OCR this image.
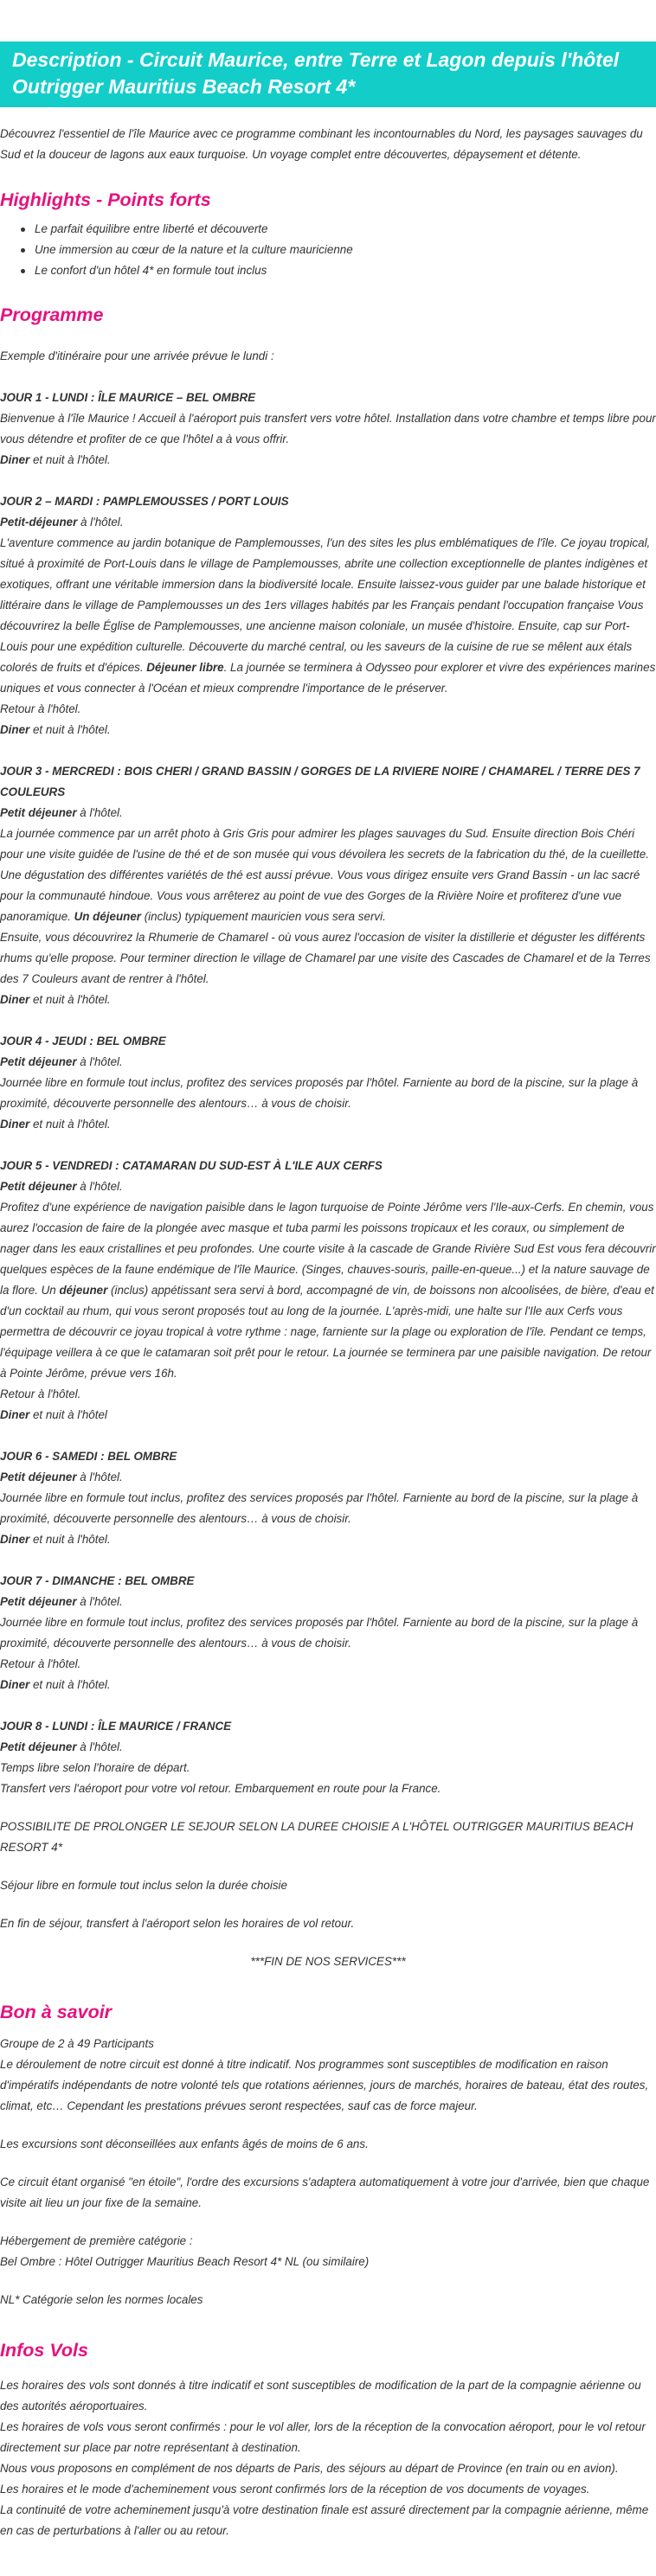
Description - Circuit Maurice, entre Terre et Lagon depuis l'hôtel Outrigger Mauritius Beach Resort 4*

Découvrez l'essentiel de l'île Maurice avec ce programme combinant les incontournables du Nord, les paysages sauvages du Sud et la douceur de lagons aux eaux turquoise. Un voyage complet entre découvertes, dépaysement et détente.

Highlights - Points forts
Le parfait équilibre entre liberté et découverte
Une immersion au cœur de la nature et la culture mauricienne
Le confort d'un hôtel 4* en formule tout inclus
Programme

Exemple d'itinéraire pour une arrivée prévue le lundi :

JOUR 1 - LUNDI : ÎLE MAURICE – BEL OMBRE

Bienvenue à l'île Maurice ! Accueil à l'aéroport puis transfert vers votre hôtel. Installation dans votre chambre et temps libre pour vous détendre et profiter de ce que l'hôtel a à vous offrir.

Diner et nuit à l'hôtel.

JOUR 2 – MARDI : PAMPLEMOUSSES / PORT LOUIS

Petit-déjeuner à l'hôtel.

L'aventure commence au jardin botanique de Pamplemousses, l'un des sites les plus emblématiques de l'île. Ce joyau tropical, situé à proximité de Port-Louis dans le village de Pamplemousses, abrite une collection exceptionnelle de plantes indigènes et exotiques, offrant une véritable immersion dans la biodiversité locale. Ensuite laissez-vous guider par une balade historique et littéraire dans le village de Pamplemousses un des 1ers villages habités par les Français pendant l'occupation française Vous découvrirez la belle Église de Pamplemousses, une ancienne maison coloniale, un musée d'histoire. Ensuite, cap sur Port-Louis pour une expédition culturelle. Découverte du marché central, ou les saveurs de la cuisine de rue se mêlent aux étals colorés de fruits et d'épices. Déjeuner libre. La journée se terminera à Odysseo pour explorer et vivre des expériences marines uniques et vous connecter à l'Océan et mieux comprendre l'importance de le préserver.

Retour à l'hôtel.

Diner et nuit à l'hôtel.

JOUR 3 - MERCREDI : BOIS CHERI / GRAND BASSIN / GORGES DE LA RIVIERE NOIRE / CHAMAREL / TERRE DES 7 COULEURS

Petit déjeuner à l'hôtel.

La journée commence par un arrêt photo à Gris Gris pour admirer les plages sauvages du Sud. Ensuite direction Bois Chéri pour une visite guidée de l'usine de thé et de son musée qui vous dévoilera les secrets de la fabrication du thé, de la cueillette. Une dégustation des différentes variétés de thé est aussi prévue. Vous vous dirigez ensuite vers Grand Bassin - un lac sacré pour la communauté hindoue. Vous vous arrêterez au point de vue des Gorges de la Rivière Noire et profiterez d'une vue panoramique. Un déjeuner (inclus) typiquement mauricien vous sera servi.

Ensuite, vous découvrirez la Rhumerie de Chamarel - où vous aurez l'occasion de visiter la distillerie et déguster les différents rhums qu'elle propose. Pour terminer direction le village de Chamarel par une visite des Cascades de Chamarel et de la Terres des 7 Couleurs avant de rentrer à l'hôtel.

Diner et nuit à l'hôtel.

JOUR 4 - JEUDI : BEL OMBRE

Petit déjeuner à l'hôtel.

Journée libre en formule tout inclus, profitez des services proposés par l'hôtel. Farniente au bord de la piscine, sur la plage à proximité, découverte personnelle des alentours… à vous de choisir.

Diner et nuit à l'hôtel.

JOUR 5 - VENDREDI : CATAMARAN DU SUD-EST À L'ILE AUX CERFS

Petit déjeuner à l'hôtel.

Profitez d'une expérience de navigation paisible dans le lagon turquoise de Pointe Jérôme vers l'Ile-aux-Cerfs. En chemin, vous aurez l'occasion de faire de la plongée avec masque et tuba parmi les poissons tropicaux et les coraux, ou simplement de nager dans les eaux cristallines et peu profondes. Une courte visite à la cascade de Grande Rivière Sud Est vous fera découvrir quelques espèces de la faune endémique de l'île Maurice. (Singes, chauves-souris, paille-en-queue...) et la nature sauvage de la flore. Un déjeuner (inclus) appétissant sera servi à bord, accompagné de vin, de boissons non alcoolisées, de bière, d'eau et d'un cocktail au rhum, qui vous seront proposés tout au long de la journée. L'après-midi, une halte sur l'Ile aux Cerfs vous permettra de découvrir ce joyau tropical à votre rythme : nage, farniente sur la plage ou exploration de l'île. Pendant ce temps, l'équipage veillera à ce que le catamaran soit prêt pour le retour. La journée se terminera par une paisible navigation. De retour à Pointe Jérôme, prévue vers 16h.

Retour à l'hôtel.

Diner et nuit à l'hôtel

JOUR 6 - SAMEDI : BEL OMBRE

Petit déjeuner à l'hôtel.

Journée libre en formule tout inclus, profitez des services proposés par l'hôtel. Farniente au bord de la piscine, sur la plage à proximité, découverte personnelle des alentours… à vous de choisir.

Diner et nuit à l'hôtel.

JOUR 7 - DIMANCHE : BEL OMBRE

Petit déjeuner à l'hôtel.

Journée libre en formule tout inclus, profitez des services proposés par l'hôtel. Farniente au bord de la piscine, sur la plage à proximité, découverte personnelle des alentours… à vous de choisir.

Retour à l'hôtel.

Diner et nuit à l'hôtel.

JOUR 8 - LUNDI : ÎLE MAURICE / FRANCE

Petit déjeuner à l'hôtel.

Temps libre selon l'horaire de départ.

Transfert vers l'aéroport pour votre vol retour. Embarquement en route pour la France.

POSSIBILITE DE PROLONGER LE SEJOUR SELON LA DUREE CHOISIE A L'HÔTEL OUTRIGGER MAURITIUS BEACH RESORT 4*

Séjour libre en formule tout inclus selon la durée choisie

En fin de séjour, transfert à l'aéroport selon les horaires de vol retour.

***FIN DE NOS SERVICES***

Bon à savoir

Groupe de 2 à 49 Participants

Le déroulement de notre circuit est donné à titre indicatif. Nos programmes sont susceptibles de modification en raison d'impératifs indépendants de notre volonté tels que rotations aériennes, jours de marchés, horaires de bateau, état des routes, climat, etc… Cependant les prestations prévues seront respectées, sauf cas de force majeur.

Les excursions sont déconseillées aux enfants âgés de moins de 6 ans.

Ce circuit étant organisé "en étoile", l'ordre des excursions s'adaptera automatiquement à votre jour d'arrivée, bien que chaque visite ait lieu un jour fixe de la semaine.

Hébergement de première catégorie :

Bel Ombre : Hôtel Outrigger Mauritius Beach Resort 4* NL (ou similaire)

NL* Catégorie selon les normes locales

Infos Vols

Les horaires des vols sont donnés à titre indicatif et sont susceptibles de modification de la part de la compagnie aérienne ou des autorités aéroportuaires.

Les horaires de vols vous seront confirmés : pour le vol aller, lors de la réception de la convocation aéroport, pour le vol retour directement sur place par notre représentant à destination.

Nous vous proposons en complément de nos départs de Paris, des séjours au départ de Province (en train ou en avion).

Les horaires et le mode d'acheminement vous seront confirmés lors de la réception de vos documents de voyages.

La continuité de votre acheminement jusqu'à votre destination finale est assuré directement par la compagnie aérienne, même en cas de perturbations à l'aller ou au retour.
